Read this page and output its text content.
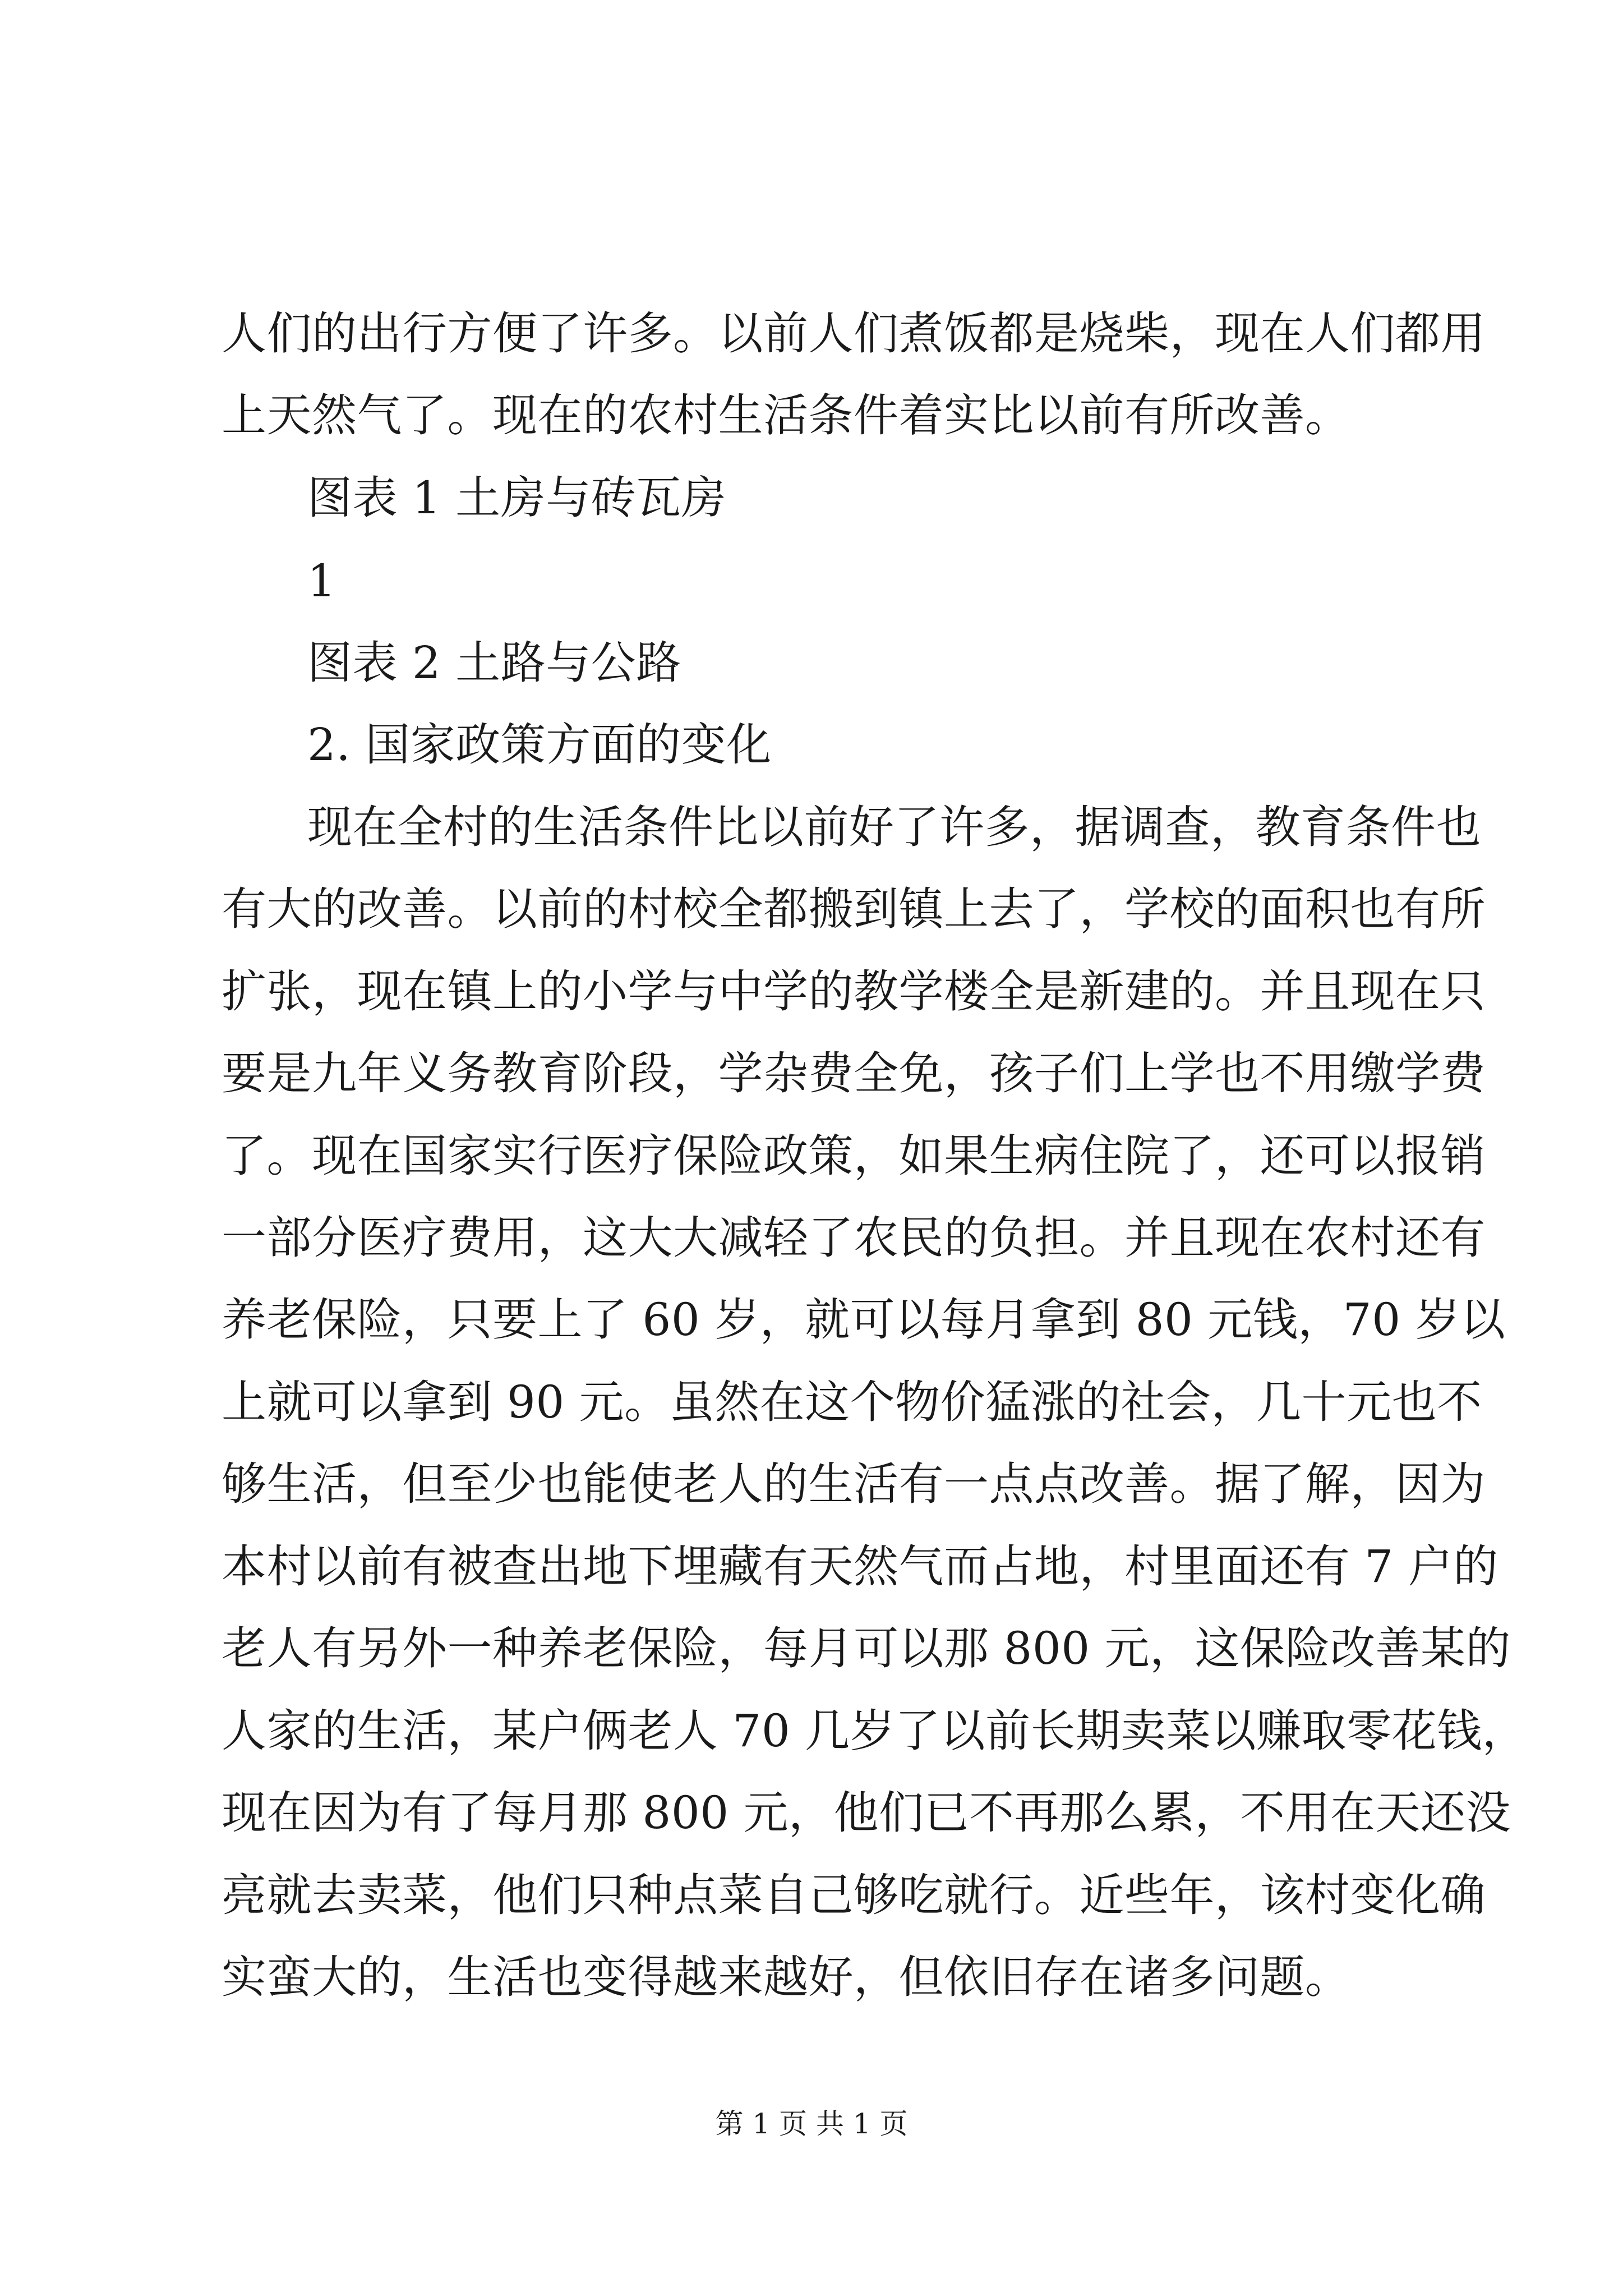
人们的出行方便了许多。以前人们煮饭都是烧柴，现在人们都用
上天然气了。现在的农村生活条件着实比以前有所改善。
图表 1 土房与砖瓦房
1
图表 2 土路与公路
2. 国家政策方面的变化
现在全村的生活条件比以前好了许多，据调查，教育条件也
有大的改善。以前的村校全都搬到镇上去了，学校的面积也有所
扩张，现在镇上的小学与中学的教学楼全是新建的。并且现在只
要是九年义务教育阶段，学杂费全免，孩子们上学也不用缴学费
了。现在国家实行医疗保险政策，如果生病住院了，还可以报销
一部分医疗费用，这大大减轻了农民的负担。并且现在农村还有
养老保险，只要上了 60 岁，就可以每月拿到 80 元钱，70 岁以
上就可以拿到 90 元。虽然在这个物价猛涨的社会，几十元也不
够生活，但至少也能使老人的生活有一点点改善。据了解，因为
本村以前有被查出地下埋藏有天然气而占地，村里面还有 7 户的
老人有另外一种养老保险，每月可以那 800 元，这保险改善某的
人家的生活，某户俩老人 70 几岁了以前长期卖菜以赚取零花钱，
现在因为有了每月那 800 元，他们已不再那么累，不用在天还没
亮就去卖菜，他们只种点菜自己够吃就行。近些年，该村变化确
实蛮大的，生活也变得越来越好，但依旧存在诸多问题。
第 1 页 共 1 页
